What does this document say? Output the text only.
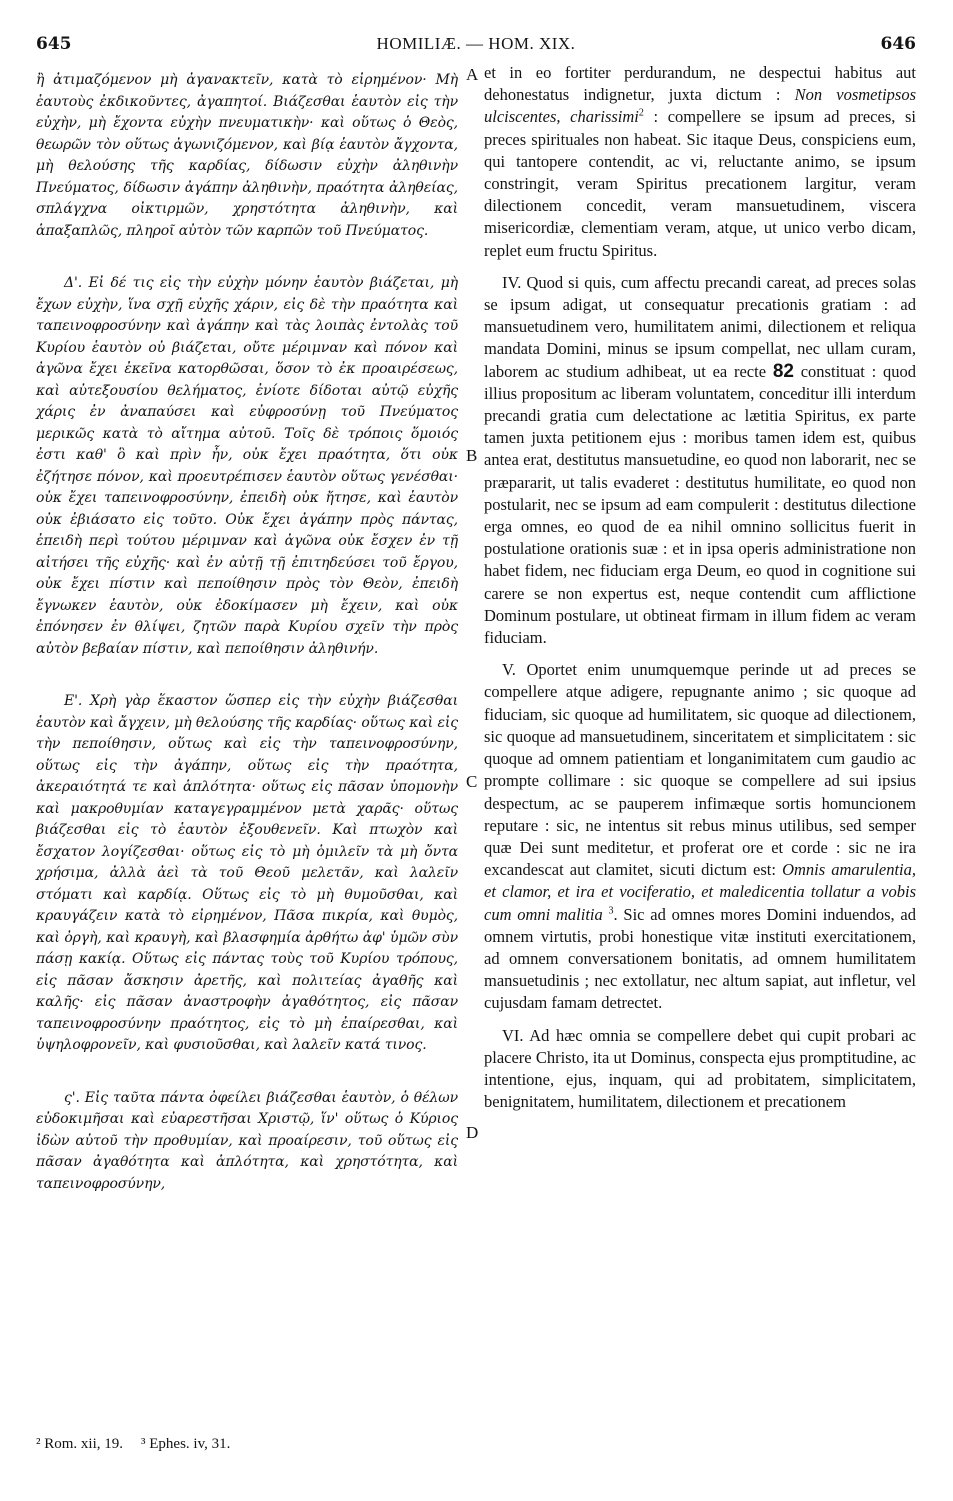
645	HOMILIÆ. — HOM. XIX.	646

ἢ ἀτιμαζόμενον μὴ ἀγανακτεῖν, κατὰ τὸ εἰρημένον· Μὴ ἑαυτοὺς ἐκδικοῦντες, ἀγαπητοί. Βιάζεσθαι ἑαυτὸν εἰς τὴν εὐχὴν, μὴ ἔχοντα εὐχὴν πνευματικὴν· καὶ οὕτως ὁ Θεὸς, θεωρῶν τὸν οὕτως ἀγωνιζόμενον, καὶ βίᾳ ἑαυτὸν ἄγχοντα, μὴ θελούσης τῆς καρδίας, δίδωσιν εὐχὴν ἀληθινὴν Πνεύματος, δίδωσιν ἀγάπην ἀληθινὴν, πραότητα ἀληθείας, σπλάγχνα οἰκτιρμῶν, χρηστότητα ἀληθινὴν, καὶ ἁπαξαπλῶς, πληροῖ αὐτὸν τῶν καρπῶν τοῦ Πνεύματος.

Δ'. Εἰ δέ τις εἰς τὴν εὐχὴν μόνην ἑαυτὸν βιάζεται, μὴ ἔχων εὐχὴν, ἵνα σχῇ εὐχῆς χάριν, εἰς δὲ τὴν πραότητα καὶ ταπεινοφροσύνην καὶ ἀγάπην καὶ τὰς λοιπὰς ἐντολὰς τοῦ Κυρίου ἑαυτὸν οὐ βιάζεται, οὔτε μέριμναν καὶ πόνον καὶ ἀγῶνα ἔχει ἐκεῖνα κατορθῶσαι, ὅσον τὸ ἐκ προαιρέσεως, καὶ αὐτεξουσίου θελήματος, ἐνίοτε δίδοται αὐτῷ εὐχῆς χάρις ἐν ἀναπαύσει καὶ εὐφροσύνῃ τοῦ Πνεύματος μερικῶς κατὰ τὸ αἴτημα αὐτοῦ. Τοῖς δὲ τρόποις ὅμοιός ἐστι καθ' ὃ καὶ πρὶν ἦν, οὐκ ἔχει πραότητα, ὅτι οὐκ ἐζήτησε πόνον, καὶ προευτρέπισεν ἑαυτὸν οὕτως γενέσθαι· οὐκ ἔχει ταπεινοφροσύνην, ἐπειδὴ οὐκ ἤτησε, καὶ ἑαυτὸν οὐκ ἐβιάσατο εἰς τοῦτο. Οὐκ ἔχει ἀγάπην πρὸς πάντας, ἐπειδὴ περὶ τούτου μέριμναν καὶ ἀγῶνα οὐκ ἔσχεν ἐν τῇ αἰτήσει τῆς εὐχῆς· καὶ ἐν αὐτῇ τῇ ἐπιτηδεύσει τοῦ ἔργου, οὐκ ἔχει πίστιν καὶ πεποίθησιν πρὸς τὸν Θεὸν, ἐπειδὴ ἔγνωκεν ἑαυτὸν, οὐκ ἐδοκίμασεν μὴ ἔχειν, καὶ οὐκ ἐπόνησεν ἐν θλίψει, ζητῶν παρὰ Κυρίου σχεῖν τὴν πρὸς αὐτὸν βεβαίαν πίστιν, καὶ πεποίθησιν ἀληθινήν.

Ε'. Χρὴ γὰρ ἕκαστον ὥσπερ εἰς τὴν εὐχὴν βιάζεσθαι ἑαυτὸν καὶ ἄγχειν, μὴ θελούσης τῆς καρδίας· οὕτως καὶ εἰς τὴν πεποίθησιν, οὕτως καὶ εἰς τὴν ταπεινοφροσύνην, οὕτως εἰς τὴν ἀγάπην, οὕτως εἰς τὴν πραότητα, ἀκεραιότητά τε καὶ ἁπλότητα· οὕτως εἰς πᾶσαν ὑπομονὴν καὶ μακροθυμίαν καταγεγραμμένον μετὰ χαρᾶς· οὕτως βιάζεσθαι εἰς τὸ ἑαυτὸν ἐξουθενεῖν. Καὶ πτωχὸν καὶ ἔσχατον λογίζεσθαι· οὕτως εἰς τὸ μὴ ὁμιλεῖν τὰ μὴ ὄντα χρήσιμα, ἀλλὰ ἀεὶ τὰ τοῦ Θεοῦ μελετᾶν, καὶ λαλεῖν στόματι καὶ καρδίᾳ. Οὕτως εἰς τὸ μὴ θυμοῦσθαι, καὶ κραυγάζειν κατὰ τὸ εἰρημένον, Πᾶσα πικρία, καὶ θυμὸς, καὶ ὀργὴ, καὶ κραυγὴ, καὶ βλασφημία ἀρθήτω ἀφ' ὑμῶν σὺν πάσῃ κακίᾳ. Οὕτως εἰς πάντας τοὺς τοῦ Κυρίου τρόπους, εἰς πᾶσαν ἄσκησιν ἀρετῆς, καὶ πολιτείας ἀγαθῆς καὶ καλῆς· εἰς πᾶσαν ἀναστροφὴν ἀγαθότητος, εἰς πᾶσαν ταπεινοφροσύνην πραότητος, εἰς τὸ μὴ ἐπαίρεσθαι, καὶ ὑψηλοφρονεῖν, καὶ φυσιοῦσθαι, καὶ λαλεῖν κατά τινος.

ς'. Εἰς ταῦτα πάντα ὀφείλει βιάζεσθαι ἑαυτὸν, ὁ θέλων εὐδοκιμῆσαι καὶ εὐαρεστῆσαι Χριστῷ, ἵν' οὕτως ὁ Κύριος ἰδὼν αὐτοῦ τὴν προθυμίαν, καὶ προαίρεσιν, τοῦ οὕτως εἰς πᾶσαν ἀγαθότητα καὶ ἁπλότητα, καὶ χρηστότητα, καὶ ταπεινοφροσύνην,

A
B
C
D

et in eo fortiter perdurandum, ne despectui habitus aut dehonestatus indignetur, juxta dictum : Non vosmetipsos ulciscentes, charissimi$^2$ : compellere se ipsum ad preces, si preces spirituales non habeat. Sic itaque Deus, conspiciens eum, qui tantopere contendit, ac vi, reluctante animo, se ipsum constringit, veram Spiritus precationem largitur, veram dilectionem concedit, veram mansuetudinem, viscera misericordiæ, clementiam veram, atque, ut unico verbo dicam, replet eum fructu Spiritus.

IV. Quod si quis, cum affectu precandi careat, ad preces solas se ipsum adigat, ut consequatur precationis gratiam : ad mansuetudinem vero, humilitatem animi, dilectionem et reliqua mandata Domini, minus se ipsum compellat, nec ullam curam, laborem ac studium adhibeat, ut ea recte 82 constituat : quod illius propositum ac liberam voluntatem, conceditur illi interdum precandi gratia cum delectatione ac lætitia Spiritus, ex parte tamen juxta petitionem ejus : moribus tamen idem est, quibus antea erat, destitutus mansuetudine, eo quod non laborarit, nec se præpararit, ut talis evaderet : destitutus humilitate, eo quod non postularit, nec se ipsum ad eam compulerit : destitutus dilectione erga omnes, eo quod de ea nihil omnino sollicitus fuerit in postulatione orationis suæ : et in ipsa operis administratione non habet fidem, nec fiduciam erga Deum, eo quod in cognitione sui carere se non expertus est, neque contendit cum afflictione Dominum postulare, ut obtineat firmam in illum fidem ac veram fiduciam.

V. Oportet enim unumquemque perinde ut ad preces se compellere atque adigere, repugnante animo ; sic quoque ad fiduciam, sic quoque ad humilitatem, sic quoque ad dilectionem, sic quoque ad mansuetudinem, sinceritatem et simplicitatem : sic quoque ad omnem patientiam et longanimitatem cum gaudio ac prompte collimare : sic quoque se compellere ad sui ipsius despectum, ac se pauperem infimæque sortis homuncionem reputare : sic, ne intentus sit rebus minus utilibus, sed semper quæ Dei sunt meditetur, et proferat ore et corde : sic ne ira excandescat aut clamitet, sicuti dictum est: Omnis amarulentia, et clamor, et ira et vociferatio, et maledicentia tollatur a vobis cum omni malitia $^3$. Sic ad omnes mores Domini induendos, ad omnem virtutis, probi honestique vitæ instituti exercitationem, ad omnem conversationem bonitatis, ad omnem humilitatem mansuetudinis ; nec extollatur, nec altum sapiat, aut infletur, vel cujusdam famam detrectet.

VI. Ad hæc omnia se compellere debet qui cupit probari ac placere Christo, ita ut Dominus, conspecta ejus promptitudine, ac intentione, ejus, inquam, qui ad probitatem, simplicitatem, benignitatem, humilitatem, dilectionem et precationem

² Rom. xii, 19. ³ Ephes. iv, 31.
